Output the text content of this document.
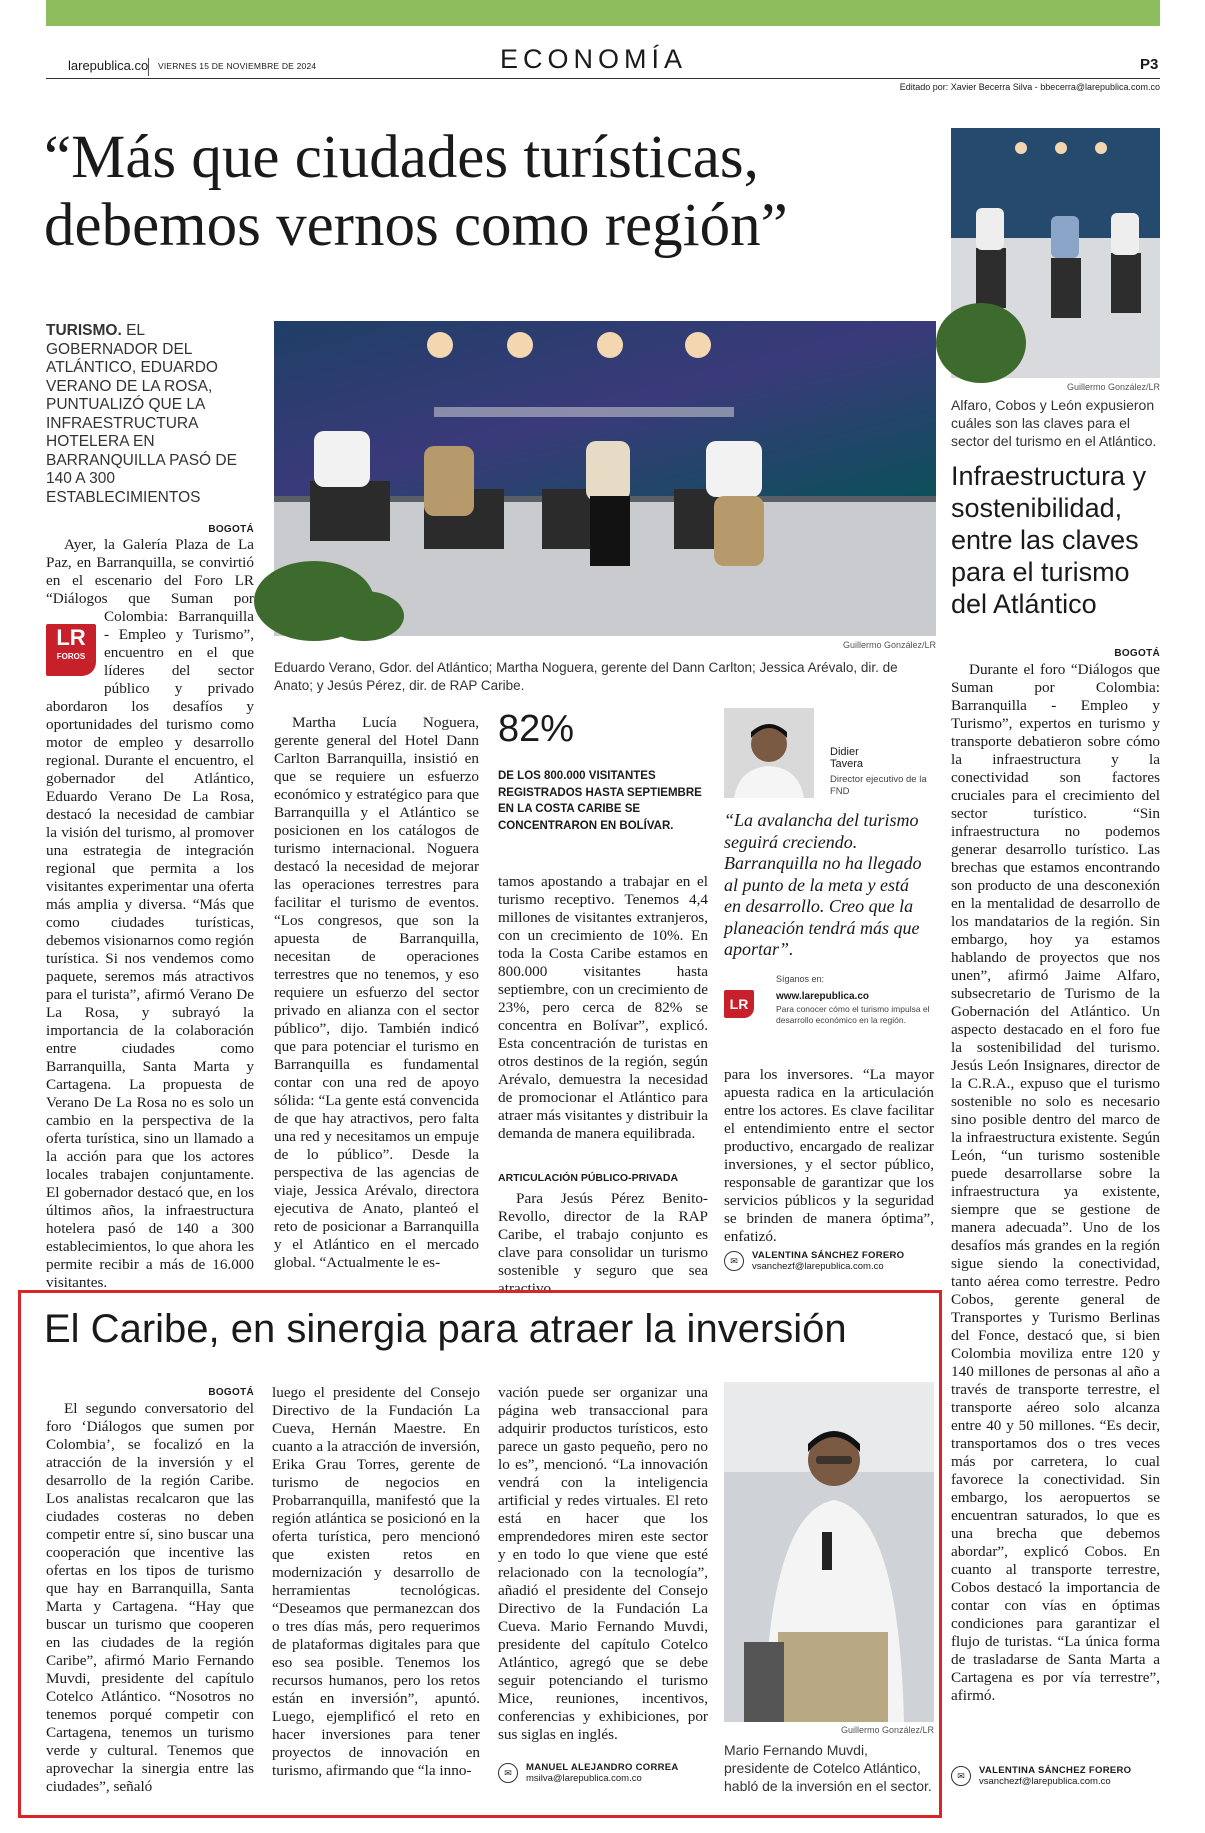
larepublica.co VIERNES 15 DE NOVIEMBRE DE 2024	ECONOMÍA	P3
Editado por: Xavier Becerra Silva - bbecerra@larepublica.com.co
“Más que ciudades turísticas, debemos vernos como región”
TURISMO. EL GOBERNADOR DEL ATLÁNTICO, EDUARDO VERANO DE LA ROSA, PUNTUALIZÓ QUE LA INFRAESTRUCTURA HOTELERA EN BARRANQUILLA PASÓ DE 140 A 300 ESTABLECIMIENTOS
Guillermo González/LR
Eduardo Verano, Gdor. del Atlántico; Martha Noguera, gerente del Dann Carlton; Jessica Arévalo, dir. de Anato; y Jesús Pérez, dir. de RAP Caribe.
BOGOTÁ
LR
FOROS

Ayer, la Galería Plaza de La Paz, en Barranquilla, se convirtió en el escenario del Foro LR “Diálogos que Suman por Colombia: Barranquilla - Empleo y Turismo”, encuentro en el que líderes del sector público y privado abordaron los desafíos y oportunidades del turismo como motor de empleo y desarrollo regional. Durante el encuentro, el gobernador del Atlántico, Eduardo Verano De La Rosa, destacó la necesidad de cambiar la visión del turismo, al promover una estrategia de integración regional que permita a los visitantes experimentar una oferta más amplia y diversa. “Más que como ciudades turísticas, debemos visionarnos como región turística. Si nos vendemos como paquete, seremos más atractivos para el turista”, afirmó Verano De La Rosa, y subrayó la importancia de la colaboración entre ciudades como Barranquilla, Santa Marta y Cartagena. La propuesta de Verano De La Rosa no es solo un cambio en la perspectiva de la oferta turística, sino un llamado a la acción para que los actores locales trabajen conjuntamente. El gobernador destacó que, en los últimos años, la infraestructura hotelera pasó de 140 a 300 establecimientos, lo que ahora les permite recibir a más de 16.000 visitantes.

Martha Lucía Noguera, gerente general del Hotel Dann Carlton Barranquilla, insistió en que se requiere un esfuerzo económico y estratégico para que Barranquilla y el Atlántico se posicionen en los catálogos de turismo internacional. Noguera destacó la necesidad de mejorar las operaciones terrestres para facilitar el turismo de eventos. “Los congresos, que son la apuesta de Barranquilla, necesitan de operaciones terrestres que no tenemos, y eso requiere un esfuerzo del sector privado en alianza con el sector público”, dijo. También indicó que para potenciar el turismo en Barranquilla es fundamental contar con una red de apoyo sólida: “La gente está convencida de que hay atractivos, pero falta una red y necesitamos un empuje de lo público”. Desde la perspectiva de las agencias de viaje, Jessica Arévalo, directora ejecutiva de Anato, planteó el reto de posicionar a Barranquilla y el Atlántico en el mercado global. “Actualmente le es-

82%
DE LOS 800.000 VISITANTES REGISTRADOS HASTA SEPTIEMBRE EN LA COSTA CARIBE SE CONCENTRARON EN BOLÍVAR.

tamos apostando a trabajar en el turismo receptivo. Tenemos 4,4 millones de visitantes extranjeros, con un crecimiento de 10%. En toda la Costa Caribe estamos en 800.000 visitantes hasta septiembre, con un crecimiento de 23%, pero cerca de 82% se concentra en Bolívar”, explicó. Esta concentración de turistas en otros destinos de la región, según Arévalo, demuestra la necesidad de promocionar el Atlántico para atraer más visitantes y distribuir la demanda de manera equilibrada.

ARTICULACIÓN PÚBLICO-PRIVADA

Para Jesús Pérez Benito-Revollo, director de la RAP Caribe, el trabajo conjunto es clave para consolidar un turismo sostenible y seguro que sea atractivo

Didier Tavera
Director ejecutivo de la FND
“La avalancha del turismo seguirá creciendo. Barranquilla no ha llegado al punto de la meta y está en desarrollo. Creo que la planeación tendrá más que aportar”.
Síganos en:
LR	www.larepublica.co
Para conocer cómo el turismo impulsa el desarrollo económico en la región.

para los inversores. “La mayor apuesta radica en la articulación entre los actores. Es clave facilitar el entendimiento entre el sector productivo, encargado de realizar inversiones, y el sector público, responsable de garantizar que los servicios públicos y la seguridad se brinden de manera óptima”, enfatizó.

✉	VALENTINA SÁNCHEZ FORERO
vsanchezf@larepublica.com.co
Guillermo González/LR
Alfaro, Cobos y León expusieron cuáles son las claves para el sector del turismo en el Atlántico.
Infraestructura y sostenibilidad, entre las claves para el turismo del Atlántico
BOGOTÁ

Durante el foro “Diálogos que Suman por Colombia: Barranquilla - Empleo y Turismo”, expertos en turismo y transporte debatieron sobre cómo la infraestructura y la conectividad son factores cruciales para el crecimiento del sector turístico. “Sin infraestructura no podemos generar desarrollo turístico. Las brechas que estamos encontrando son producto de una desconexión en la mentalidad de desarrollo de los mandatarios de la región. Sin embargo, hoy ya estamos hablando de proyectos que nos unen”, afirmó Jaime Alfaro, subsecretario de Turismo de la Gobernación del Atlántico. Un aspecto destacado en el foro fue la sostenibilidad del turismo. Jesús León Insignares, director de la C.R.A., expuso que el turismo sostenible no solo es necesario sino posible dentro del marco de la infraestructura existente. Según León, “un turismo sostenible puede desarrollarse sobre la infraestructura ya existente, siempre que se gestione de manera adecuada”. Uno de los desafíos más grandes en la región sigue siendo la conectividad, tanto aérea como terrestre. Pedro Cobos, gerente general de Transportes y Turismo Berlinas del Fonce, destacó que, si bien Colombia moviliza entre 120 y 140 millones de personas al año a través de transporte terrestre, el transporte aéreo solo alcanza entre 40 y 50 millones. “Es decir, transportamos dos o tres veces más por carretera, lo cual favorece la conectividad. Sin embargo, los aeropuertos se encuentran saturados, lo que es una brecha que debemos abordar”, explicó Cobos. En cuanto al transporte terrestre, Cobos destacó la importancia de contar con vías en óptimas condiciones para garantizar el flujo de turistas. “La única forma de trasladarse de Santa Marta a Cartagena es por vía terrestre”, afirmó.

✉	VALENTINA SÁNCHEZ FORERO
vsanchezf@larepublica.com.co
El Caribe, en sinergia para atraer la inversión
BOGOTÁ

El segundo conversatorio del foro ‘Diálogos que sumen por Colombia’, se focalizó en la atracción de la inversión y el desarrollo de la región Caribe. Los analistas recalcaron que las ciudades costeras no deben competir entre sí, sino buscar una cooperación que incentive las ofertas en los tipos de turismo que hay en Barranquilla, Santa Marta y Cartagena. “Hay que buscar un turismo que cooperen en las ciudades de la región Caribe”, afirmó Mario Fernando Muvdi, presidente del capítulo Cotelco Atlántico. “Nosotros no tenemos porqué competir con Cartagena, tenemos un turismo verde y cultural. Tenemos que aprovechar la sinergia entre las ciudades”, señaló

luego el presidente del Consejo Directivo de la Fundación La Cueva, Hernán Maestre. En cuanto a la atracción de inversión, Erika Grau Torres, gerente de turismo de negocios en Probarranquilla, manifestó que la región atlántica se posicionó en la oferta turística, pero mencionó que existen retos en modernización y desarrollo de herramientas tecnológicas. “Deseamos que permanezcan dos o tres días más, pero requerimos de plataformas digitales para que eso sea posible. Tenemos los recursos humanos, pero los retos están en inversión”, apuntó. Luego, ejemplificó el reto en hacer inversiones para tener proyectos de innovación en turismo, afirmando que “la inno-

vación puede ser organizar una página web transaccional para adquirir productos turísticos, esto parece un gasto pequeño, pero no lo es”, mencionó. “La innovación vendrá con la inteligencia artificial y redes virtuales. El reto está en hacer que los emprendedores miren este sector y en todo lo que viene que esté relacionado con la tecnología”, añadió el presidente del Consejo Directivo de la Fundación La Cueva. Mario Fernando Muvdi, presidente del capítulo Cotelco Atlántico, agregó que se debe seguir potenciando el turismo Mice, reuniones, incentivos, conferencias y exhibiciones, por sus siglas en inglés.

✉	MANUEL ALEJANDRO CORREA
msilva@larepublica.com.co
Guillermo González/LR
Mario Fernando Muvdi, presidente de Cotelco Atlántico, habló de la inversión en el sector.
